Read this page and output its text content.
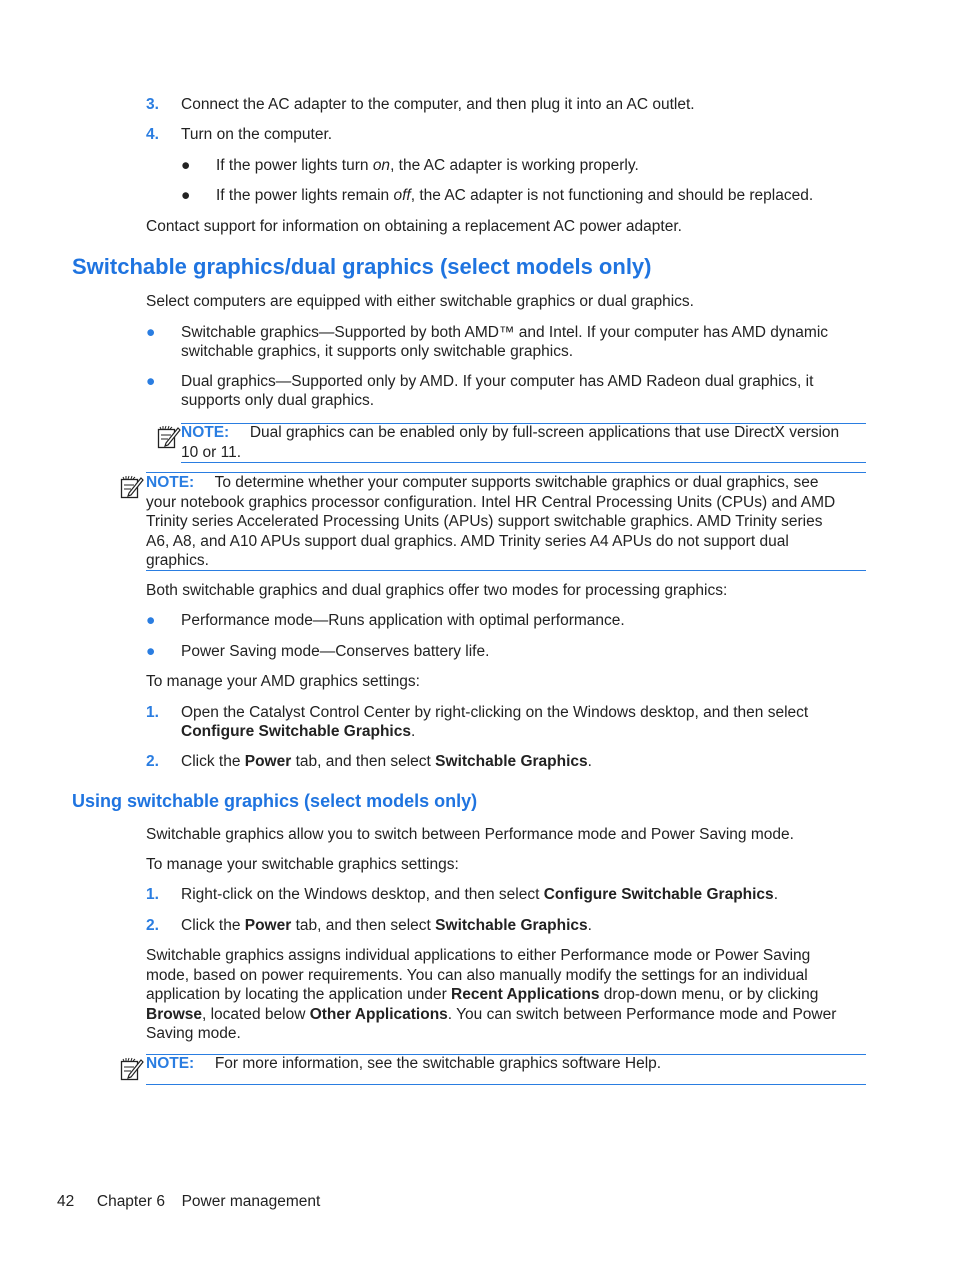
3. Connect the AC adapter to the computer, and then plug it into an AC outlet.
4. Turn on the computer.
● If the power lights turn on, the AC adapter is working properly.
● If the power lights remain off, the AC adapter is not functioning and should be replaced.
Contact support for information on obtaining a replacement AC power adapter.
Switchable graphics/dual graphics (select models only)
Select computers are equipped with either switchable graphics or dual graphics.
● Switchable graphics—Supported by both AMD™ and Intel. If your computer has AMD dynamic
switchable graphics, it supports only switchable graphics.
● Dual graphics—Supported only by AMD. If your computer has AMD Radeon dual graphics, it
supports only dual graphics.
NOTE: Dual graphics can be enabled only by full-screen applications that use DirectX version
10 or 11.
NOTE: To determine whether your computer supports switchable graphics or dual graphics, see
your notebook graphics processor configuration. Intel HR Central Processing Units (CPUs) and AMD
Trinity series Accelerated Processing Units (APUs) support switchable graphics. AMD Trinity series
A6, A8, and A10 APUs support dual graphics. AMD Trinity series A4 APUs do not support dual
graphics.
Both switchable graphics and dual graphics offer two modes for processing graphics:
● Performance mode—Runs application with optimal performance.
● Power Saving mode—Conserves battery life.
To manage your AMD graphics settings:
1. Open the Catalyst Control Center by right-clicking on the Windows desktop, and then select
Configure Switchable Graphics.
2. Click the Power tab, and then select Switchable Graphics.
Using switchable graphics (select models only)
Switchable graphics allow you to switch between Performance mode and Power Saving mode.
To manage your switchable graphics settings:
1. Right-click on the Windows desktop, and then select Configure Switchable Graphics.
2. Click the Power tab, and then select Switchable Graphics.
Switchable graphics assigns individual applications to either Performance mode or Power Saving
mode, based on power requirements. You can also manually modify the settings for an individual
application by locating the application under Recent Applications drop-down menu, or by clicking
Browse, located below Other Applications. You can switch between Performance mode and Power
Saving mode.
NOTE: For more information, see the switchable graphics software Help.
42 Chapter 6 Power management
